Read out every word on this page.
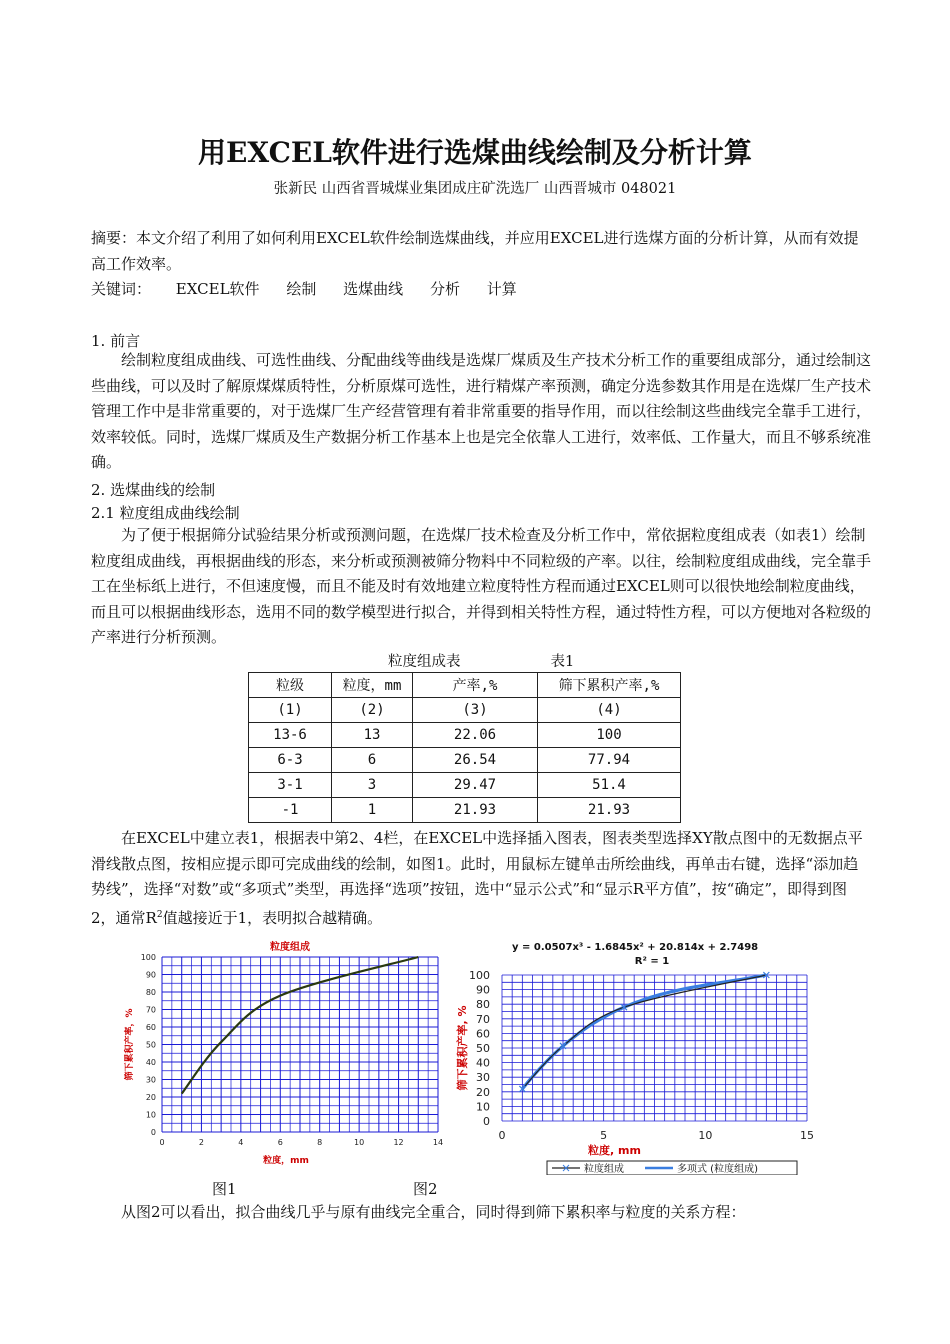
用EXCEL软件进行选煤曲线绘制及分析计算
张新民 山西省晋城煤业集团成庄矿洗选厂 山西晋城市 048021
摘要：本文介绍了利用了如何利用EXCEL软件绘制选煤曲线，并应用EXCEL进行选煤方面的分析计算，从而有效提高工作效率。
关键词： EXCEL软件 绘制 选煤曲线 分析 计算
1. 前言
绘制粒度组成曲线、可选性曲线、分配曲线等曲线是选煤厂煤质及生产技术分析工作的重要组成部分，通过绘制这些曲线，可以及时了解原煤煤质特性，分析原煤可选性，进行精煤产率预测，确定分选参数其作用是在选煤厂生产技术管理工作中是非常重要的，对于选煤厂生产经营管理有着非常重要的指导作用，而以往绘制这些曲线完全靠手工进行，效率较低。同时，选煤厂煤质及生产数据分析工作基本上也是完全依靠人工进行，效率低、工作量大，而且不够系统准确。
2. 选煤曲线的绘制
2.1 粒度组成曲线绘制
为了便于根据筛分试验结果分析或预测问题，在选煤厂技术检查及分析工作中，常依据粒度组成表（如表1）绘制粒度组成曲线，再根据曲线的形态，来分析或预测被筛分物料中不同粒级的产率。以往，绘制粒度组成曲线，完全靠手工在坐标纸上进行，不但速度慢，而且不能及时有效地建立粒度特性方程而通过EXCEL则可以很快地绘制粒度曲线，而且可以根据曲线形态，选用不同的数学模型进行拟合，并得到相关特性方程，通过特性方程，可以方便地对各粒级的产率进行分析预测。
粒度组成表	表1
粒级	粒度，mm	产率,%	筛下累积产率,%
(1)	(2)	(3)	(4)
13-6	13	22.06	100
6-3	6	26.54	77.94
3-1	3	29.47	51.4
-1	1	21.93	21.93
在EXCEL中建立表1，根据表中第2、4栏，在EXCEL中选择插入图表，图表类型选择XY散点图中的无数据点平滑线散点图，按相应提示即可完成曲线的绘制，如图1。此时，用鼠标左键单击所绘曲线，再单击右键，选择“添加趋势线”，选择“对数”或“多项式”类型，再选择“选项”按钮，选中“显示公式”和“显示R平方值”，按“确定”，即得到图2，通常$R^2$值越接近于1，表明拟合越精确。
粒度组成
0
10
20
30
40
50
60
70
80
90
100
0	2	4	6	8	10	12	14
粒度，mm
筛下累积产率，%
y = 0.0507x³ - 1.6845x² + 20.814x + 2.7498
R² = 1
0
10
20
30
40
50
60
70
80
90
100
0	5	10	15
粒度, mm
筛下累积产率, %
粒度组成	多项式 (粒度组成)
图1	图2
从图2可以看出，拟合曲线几乎与原有曲线完全重合，同时得到筛下累积率与粒度的关系方程：
